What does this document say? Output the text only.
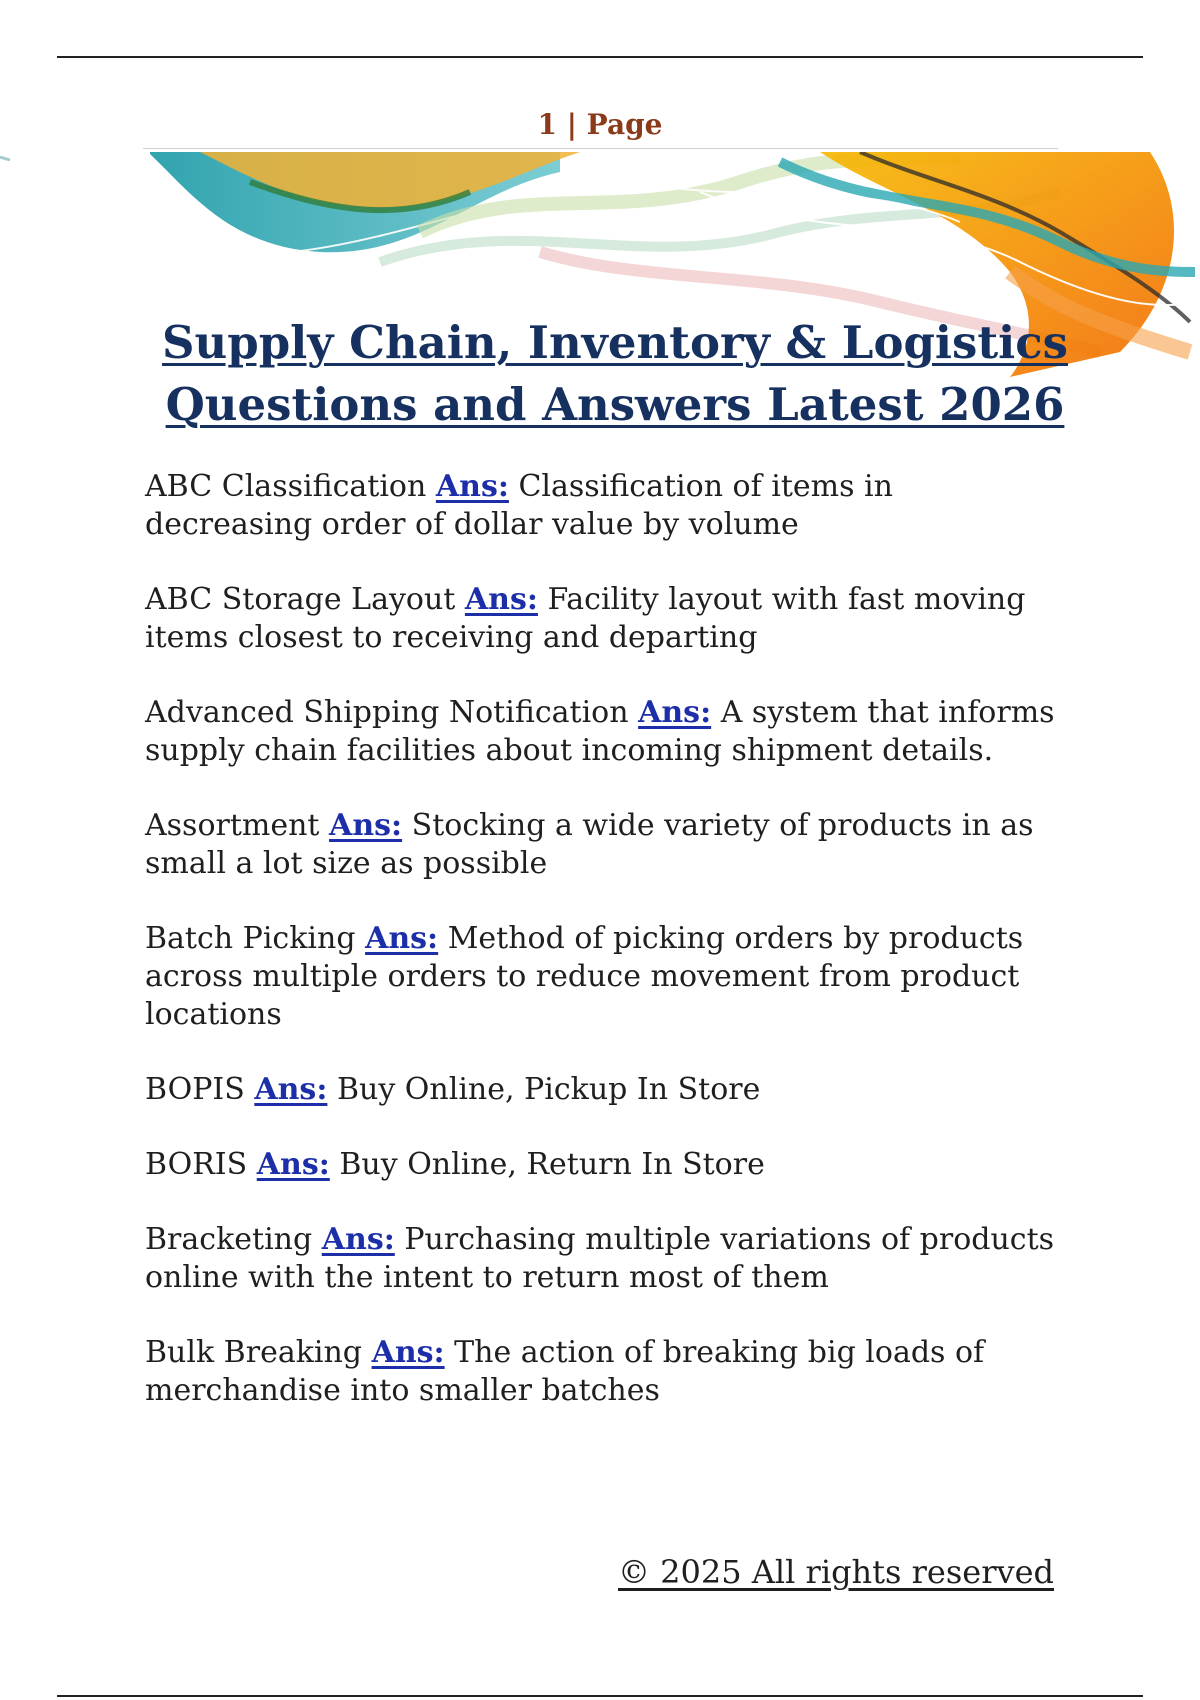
1 | Page
Supply Chain, Inventory & Logistics Questions and Answers Latest 2026
ABC Classification Ans: Classification of items in decreasing order of dollar value by volume
ABC Storage Layout Ans: Facility layout with fast moving items closest to receiving and departing
Advanced Shipping Notification Ans: A system that informs supply chain facilities about incoming shipment details.
Assortment Ans: Stocking a wide variety of products in as small a lot size as possible
Batch Picking Ans: Method of picking orders by products across multiple orders to reduce movement from product locations
BOPIS Ans: Buy Online, Pickup In Store
BORIS Ans: Buy Online, Return In Store
Bracketing Ans: Purchasing multiple variations of products online with the intent to return most of them
Bulk Breaking Ans: The action of breaking big loads of merchandise into smaller batches
© 2025 All rights reserved
